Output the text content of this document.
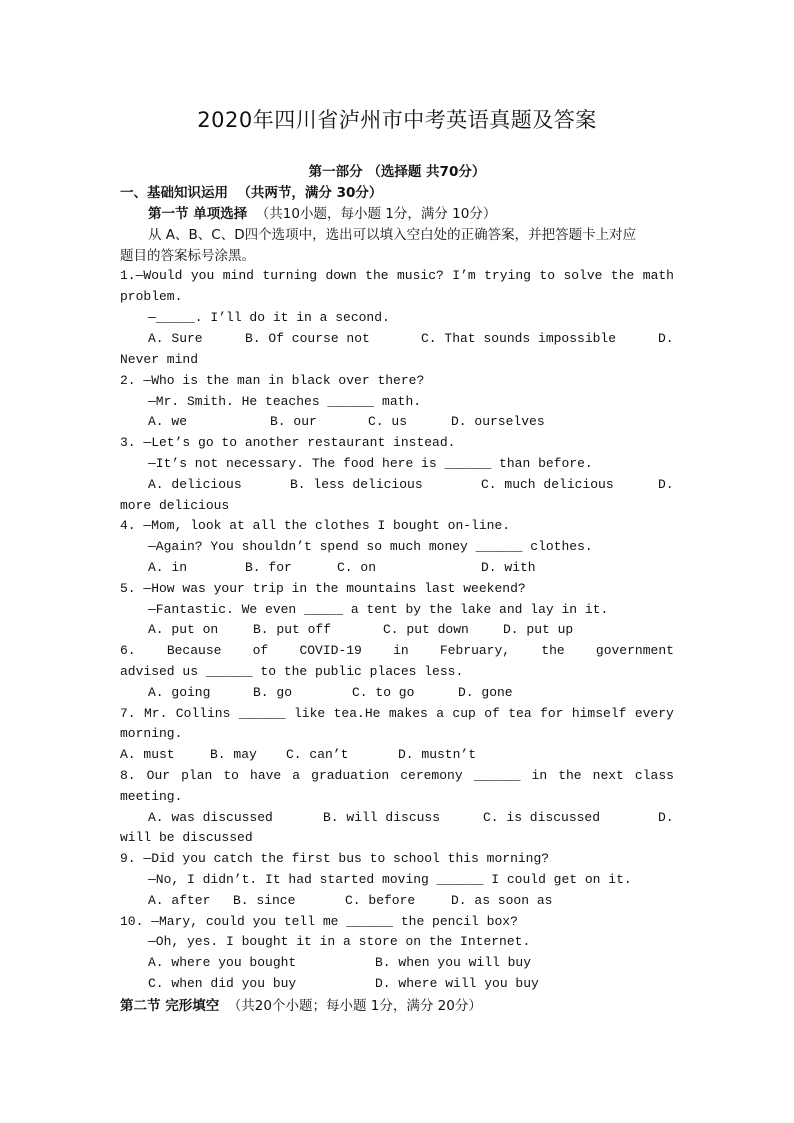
2020年四川省泸州市中考英语真题及答案
第一部分 （选择题 共70分）
一、基础知识运用 （共两节，满分 30分）
第一节 单项选择 （共10小题，每小题 1分，满分 10分）
从 A、B、C、D四个选项中，选出可以填入空白处的正确答案，并把答题卡上对应
题目的答案标号涂黑。
1.—Would you mind turning down the music? I’m trying to solve the math
problem.
—_____. I’ll do it in a second.
A. Sure	B. Of course not	C. That sounds impossible	D.
Never mind
2. —Who is the man in black over there?
—Mr. Smith. He teaches ______ math.
A. we	B. our	C. us	D. ourselves
3. —Let’s go to another restaurant instead.
—It’s not necessary. The food here is ______ than before.
A. delicious	B. less delicious	C. much delicious	D.
more delicious
4. —Mom, look at all the clothes I bought on-line.
—Again? You shouldn’t spend so much money ______ clothes.
A. in	B. for	C. on	D. with
5. —How was your trip in the mountains last weekend?
—Fantastic. We even _____ a tent by the lake and lay in it.
A. put on	B. put off	C. put down	D. put up
6. Because of COVID-19 in February, the government
advised us ______ to the public places less.
A. going	B. go	C. to go	D. gone
7. Mr. Collins ______ like tea.He makes a cup of tea for himself every
morning.
A. must	B. may C. can’t	D. mustn’t
8. Our plan to have a graduation ceremony ______ in the next class
meeting.
A. was discussed	B. will discuss	C. is discussed	D.
will be discussed
9. —Did you catch the first bus to school this morning?
—No, I didn’t. It had started moving ______ I could get on it.
A. after B. since	C. before	D. as soon as
10. —Mary, could you tell me ______ the pencil box?
—Oh, yes. I bought it in a store on the Internet.
A. where you bought	B. when you will buy
C. when did you buy	D. where will you buy
第二节 完形填空 （共20个小题；每小题 1分，满分 20分）
